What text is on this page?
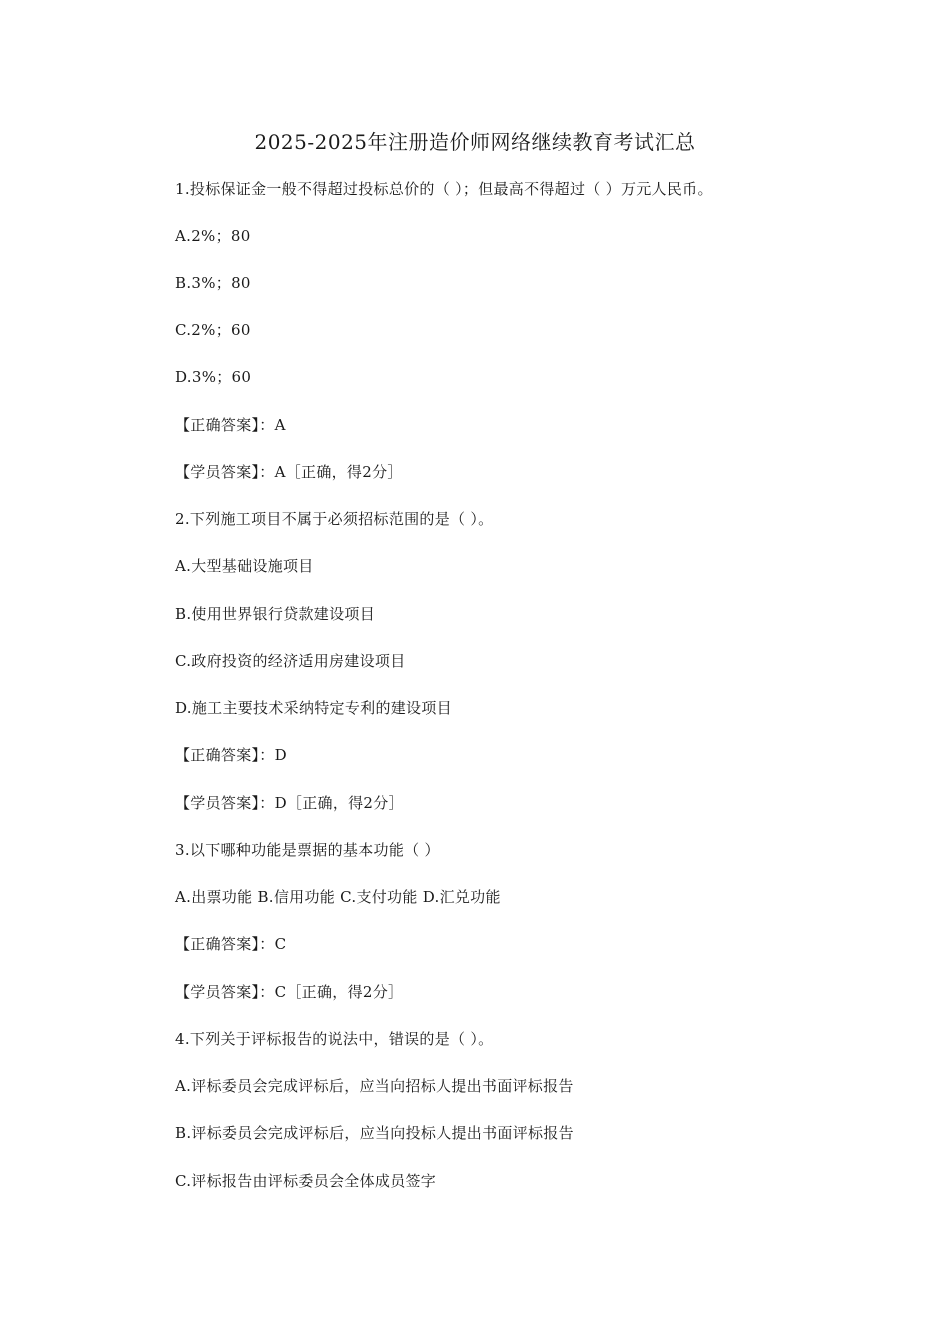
2025-2025年注册造价师网络继续教育考试汇总
1.投标保证金一般不得超过投标总价的（ ）；但最高不得超过（ ）万元人民币。
A.2%；80
B.3%；80
C.2%；60
D.3%；60
【正确答案】：A
【学员答案】：A［正确，得2分］
2.下列施工项目不属于必须招标范围的是（ ）。
A.大型基础设施项目
B.使用世界银行贷款建设项目
C.政府投资的经济适用房建设项目
D.施工主要技术采纳特定专利的建设项目
【正确答案】：D
【学员答案】：D［正确，得2分］
3.以下哪种功能是票据的基本功能（ ）
A.出票功能 B.信用功能 C.支付功能 D.汇兑功能
【正确答案】：C
【学员答案】：C［正确，得2分］
4.下列关于评标报告的说法中，错误的是（ ）。
A.评标委员会完成评标后，应当向招标人提出书面评标报告
B.评标委员会完成评标后，应当向投标人提出书面评标报告
C.评标报告由评标委员会全体成员签字
